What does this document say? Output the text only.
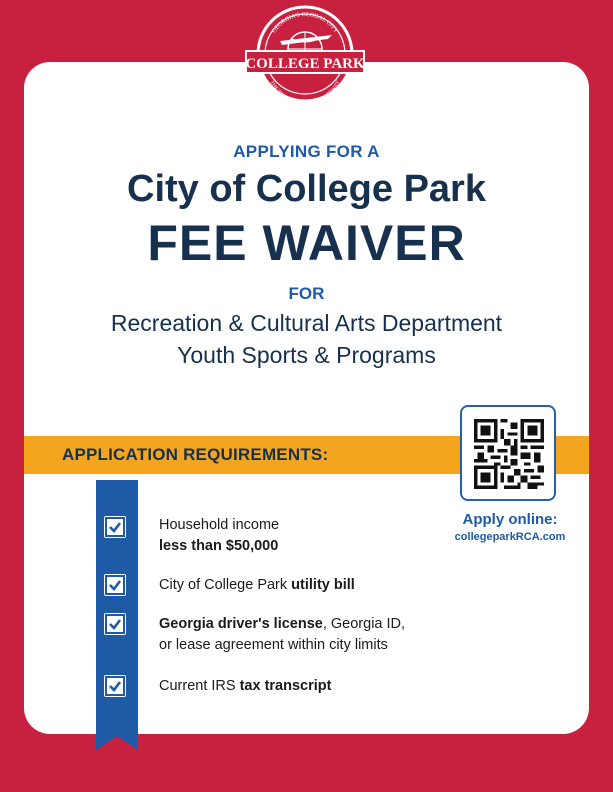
COLLEGE PARK
GEORGIA'S GLOBAL CITY
THE TRANSPO ION GATEWAY
APPLYING FOR A
City of College Park
FEE WAIVER
FOR
Recreation & Cultural Arts Department
Youth Sports & Programs
APPLICATION REQUIREMENTS:
Apply online:
collegeparkRCA.com
Household income
less than $50,000
City of College Park utility bill
Georgia driver's license, Georgia ID,
or lease agreement within city limits
Current IRS tax transcript
